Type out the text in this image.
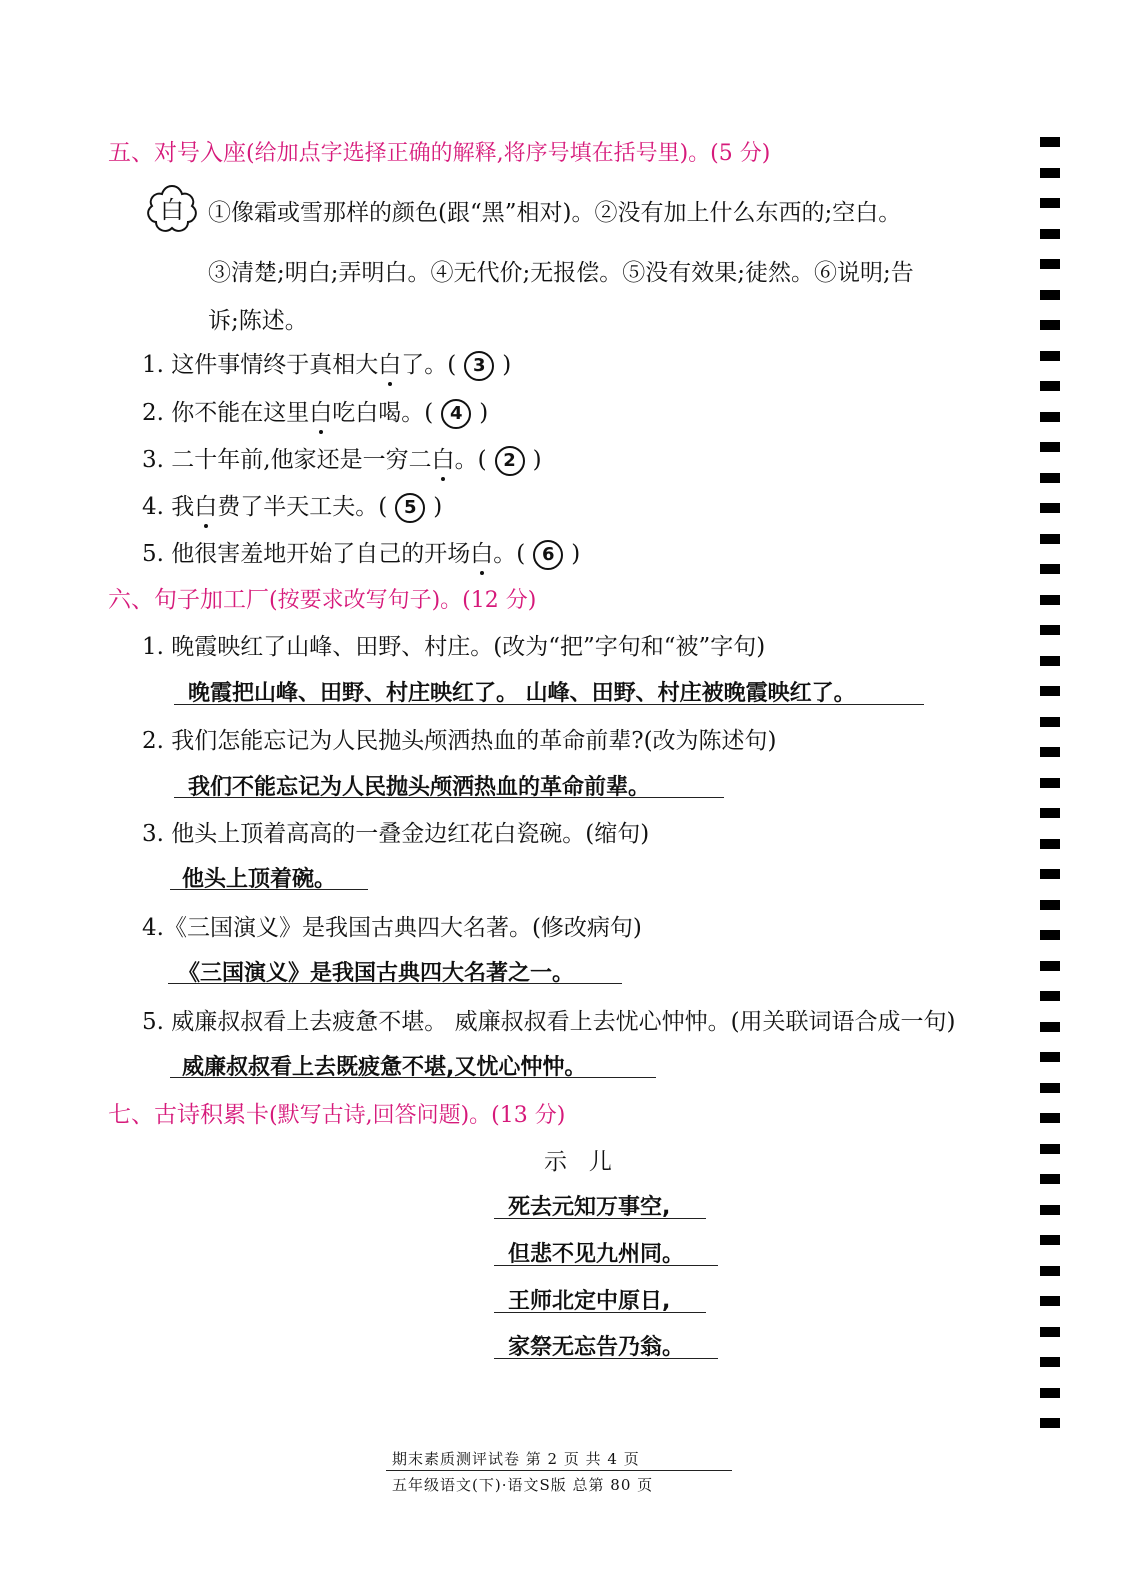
五、对号入座(给加点字选择正确的解释,将序号填在括号里)。(5 分)
白	①像霜或雪那样的颜色(跟“黑”相对)。②没有加上什么东西的;空白。
③清楚;明白;弄明白。④无代价;无报偿。⑤没有效果;徒然。⑥说明;告
诉;陈述。
1. 这件事情终于真相大白了。( 3 )
2. 你不能在这里白吃白喝。( 4 )
3. 二十年前,他家还是一穷二白。( 2 )
4. 我白费了半天工夫。( 5 )
5. 他很害羞地开始了自己的开场白。( 6 )
六、句子加工厂(按要求改写句子)。(12 分)
1. 晚霞映红了山峰、田野、村庄。(改为“把”字句和“被”字句)
晚霞把山峰、田野、村庄映红了。 山峰、田野、村庄被晚霞映红了。
2. 我们怎能忘记为人民抛头颅洒热血的革命前辈?(改为陈述句)
我们不能忘记为人民抛头颅洒热血的革命前辈。
3. 他头上顶着高高的一叠金边红花白瓷碗。(缩句)
他头上顶着碗。
4.《三国演义》是我国古典四大名著。(修改病句)
《三国演义》是我国古典四大名著之一。
5. 威廉叔叔看上去疲惫不堪。 威廉叔叔看上去忧心忡忡。(用关联词语合成一句)
威廉叔叔看上去既疲惫不堪,又忧心忡忡。
七、古诗积累卡(默写古诗,回答问题)。(13 分)
示   儿
死去元知万事空,
但悲不见九州同。
王师北定中原日,
家祭无忘告乃翁。
期末素质测评试卷 第 2 页 共 4 页
五年级语文(下)·语文S版 总第 80 页
